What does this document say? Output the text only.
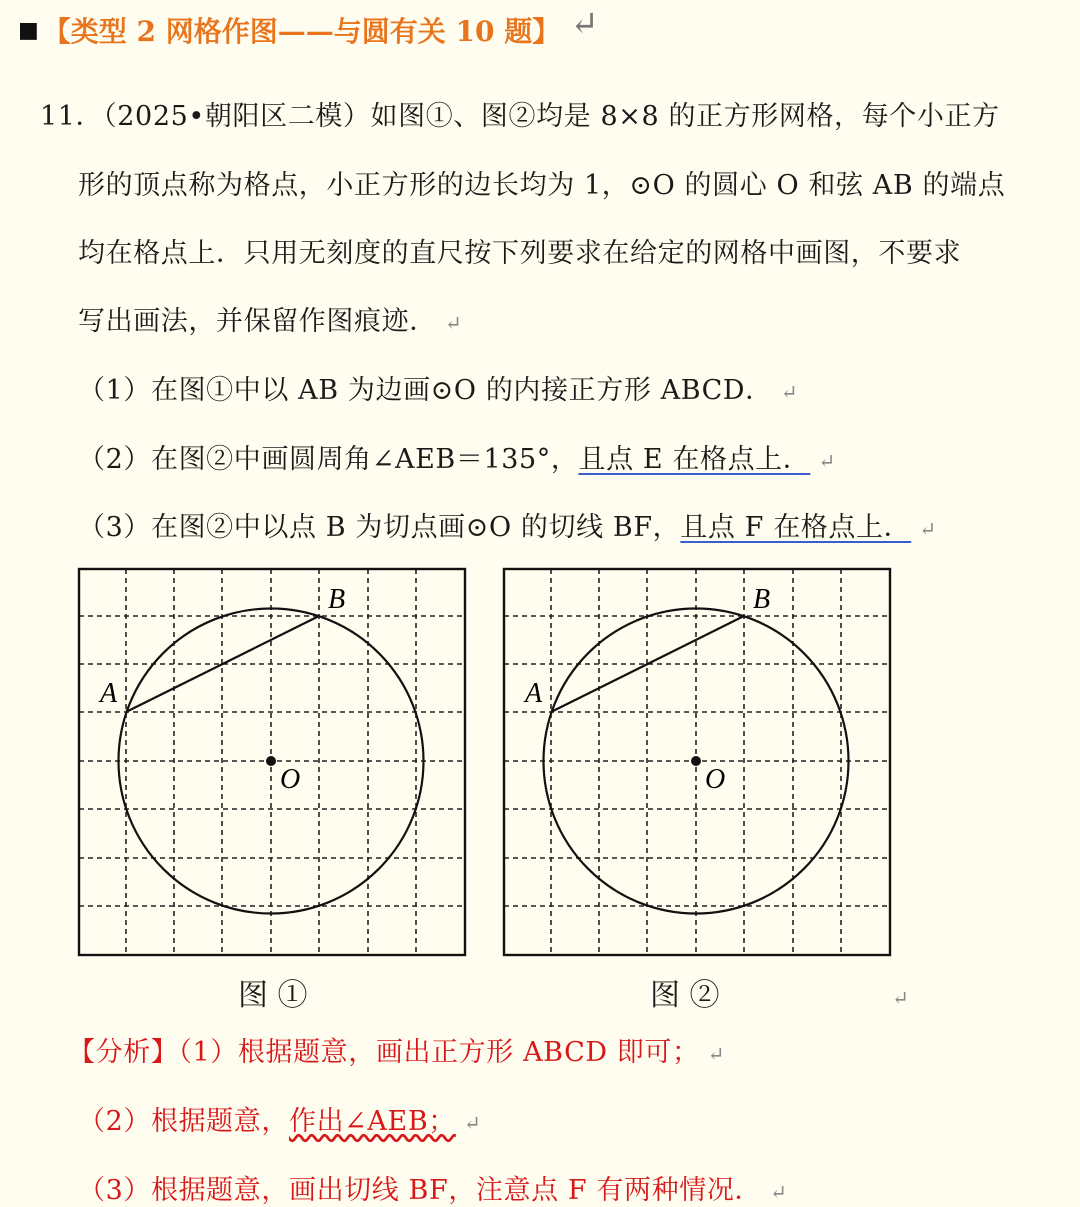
■ 【类型 2 网格作图——与圆有关 10 题】 ↵
11．（2025•朝阳区二模）如图①、图②均是 8×8 的正方形网格，每个小正方
形的顶点称为格点，小正方形的边长均为 1，⊙O 的圆心 O 和弦 AB 的端点
均在格点上．只用无刻度的直尺按下列要求在给定的网格中画图，不要求
写出画法，并保留作图痕迹． ↵
（1）在图①中以 AB 为边画⊙O 的内接正方形 ABCD． ↵
（2）在图②中画圆周角∠AEB＝135°，且点 E 在格点上． ↵
（3）在图②中以点 B 为切点画⊙O 的切线 BF，且点 F 在格点上． ↵
A
B
O
图 ①
A
B
O
图 ②	↵
【分析】（1）根据题意，画出正方形 ABCD 即可； ↵
（2）根据题意，作出∠AEB； ↵
（3）根据题意，画出切线 BF，注意点 F 有两种情况． ↵
